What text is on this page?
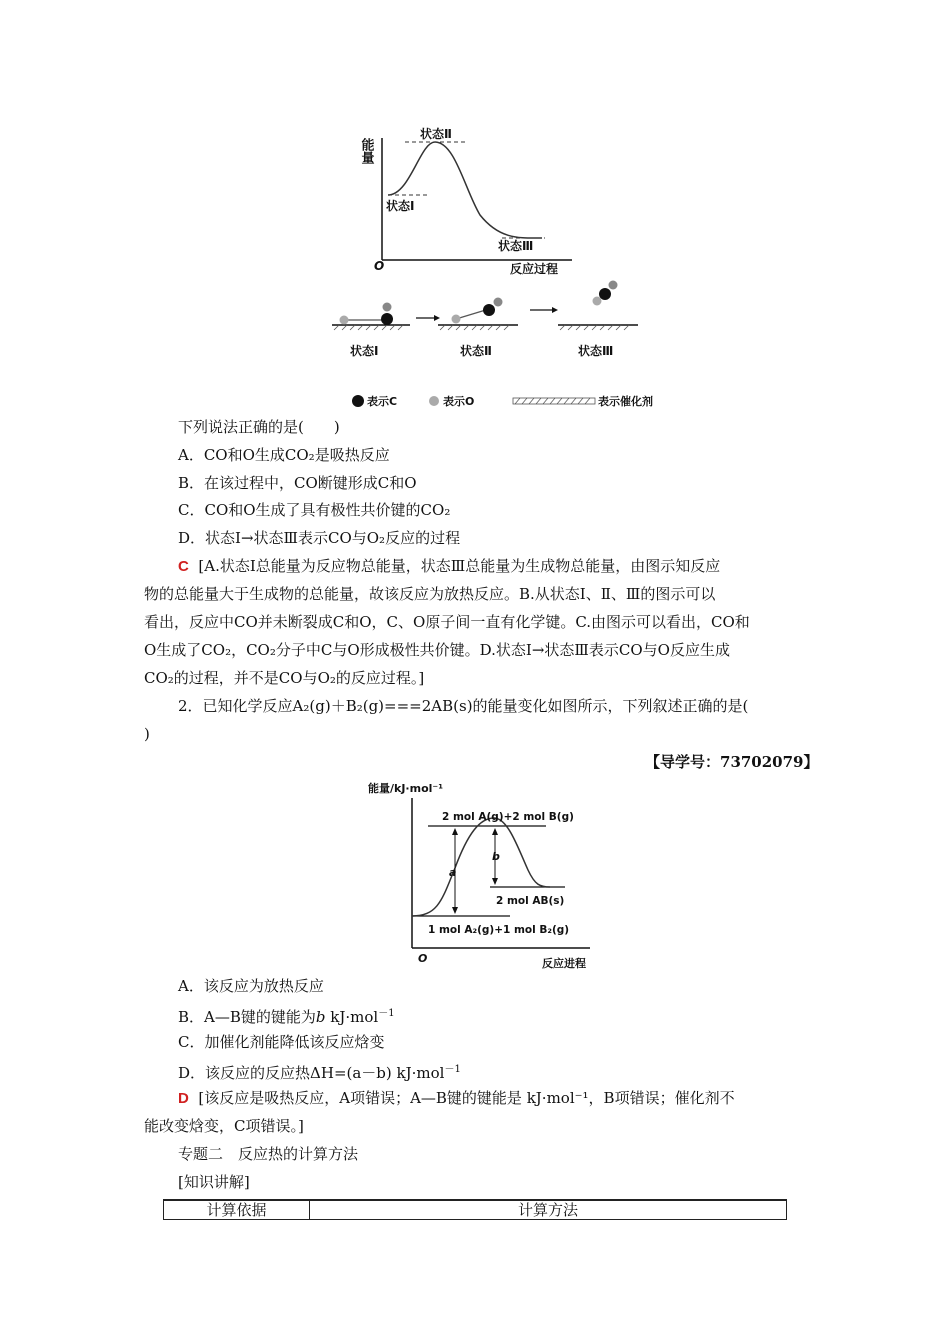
能量
O	反应过程
状态Ⅱ
状态Ⅰ
状态Ⅲ
状态Ⅰ	状态Ⅱ	状态Ⅲ
表示C	表示O	表示催化剂
下列说法正确的是(　　)
A．CO和O生成CO₂是吸热反应
B．在该过程中，CO断键形成C和O
C．CO和O生成了具有极性共价键的CO₂
D．状态Ⅰ→状态Ⅲ表示CO与O₂反应的过程
C [A.状态Ⅰ总能量为反应物总能量，状态Ⅲ总能量为生成物总能量，由图示知反应
物的总能量大于生成物的总能量，故该反应为放热反应。B.从状态Ⅰ、Ⅱ、Ⅲ的图示可以
看出，反应中CO并未断裂成C和O，C、O原子间一直有化学键。C.由图示可以看出，CO和
O生成了CO₂，CO₂分子中C与O形成极性共价键。D.状态Ⅰ→状态Ⅲ表示CO与O反应生成
CO₂的过程，并不是CO与O₂的反应过程。]
2．已知化学反应A₂(g)＋B₂(g)===2AB(s)的能量变化如图所示，下列叙述正确的是(
)
【导学号：73702079】
能量/kJ·mol⁻¹
O	反应进程
a
b
2 mol A(g)+2 mol B(g)
2 mol AB(s)
1 mol A₂(g)+1 mol B₂(g)
A．该反应为放热反应
B．A—B键的键能为b kJ·mol$^{-1}$
C．加催化剂能降低该反应焓变
D．该反应的反应热ΔH=(a－b) kJ·mol$^{-1}$
D [该反应是吸热反应，A项错误；A—B键的键能是 kJ·mol⁻¹，B项错误；催化剂不
能改变焓变，C项错误。]
专题二　反应热的计算方法
[知识讲解]
计算依据	计算方法
